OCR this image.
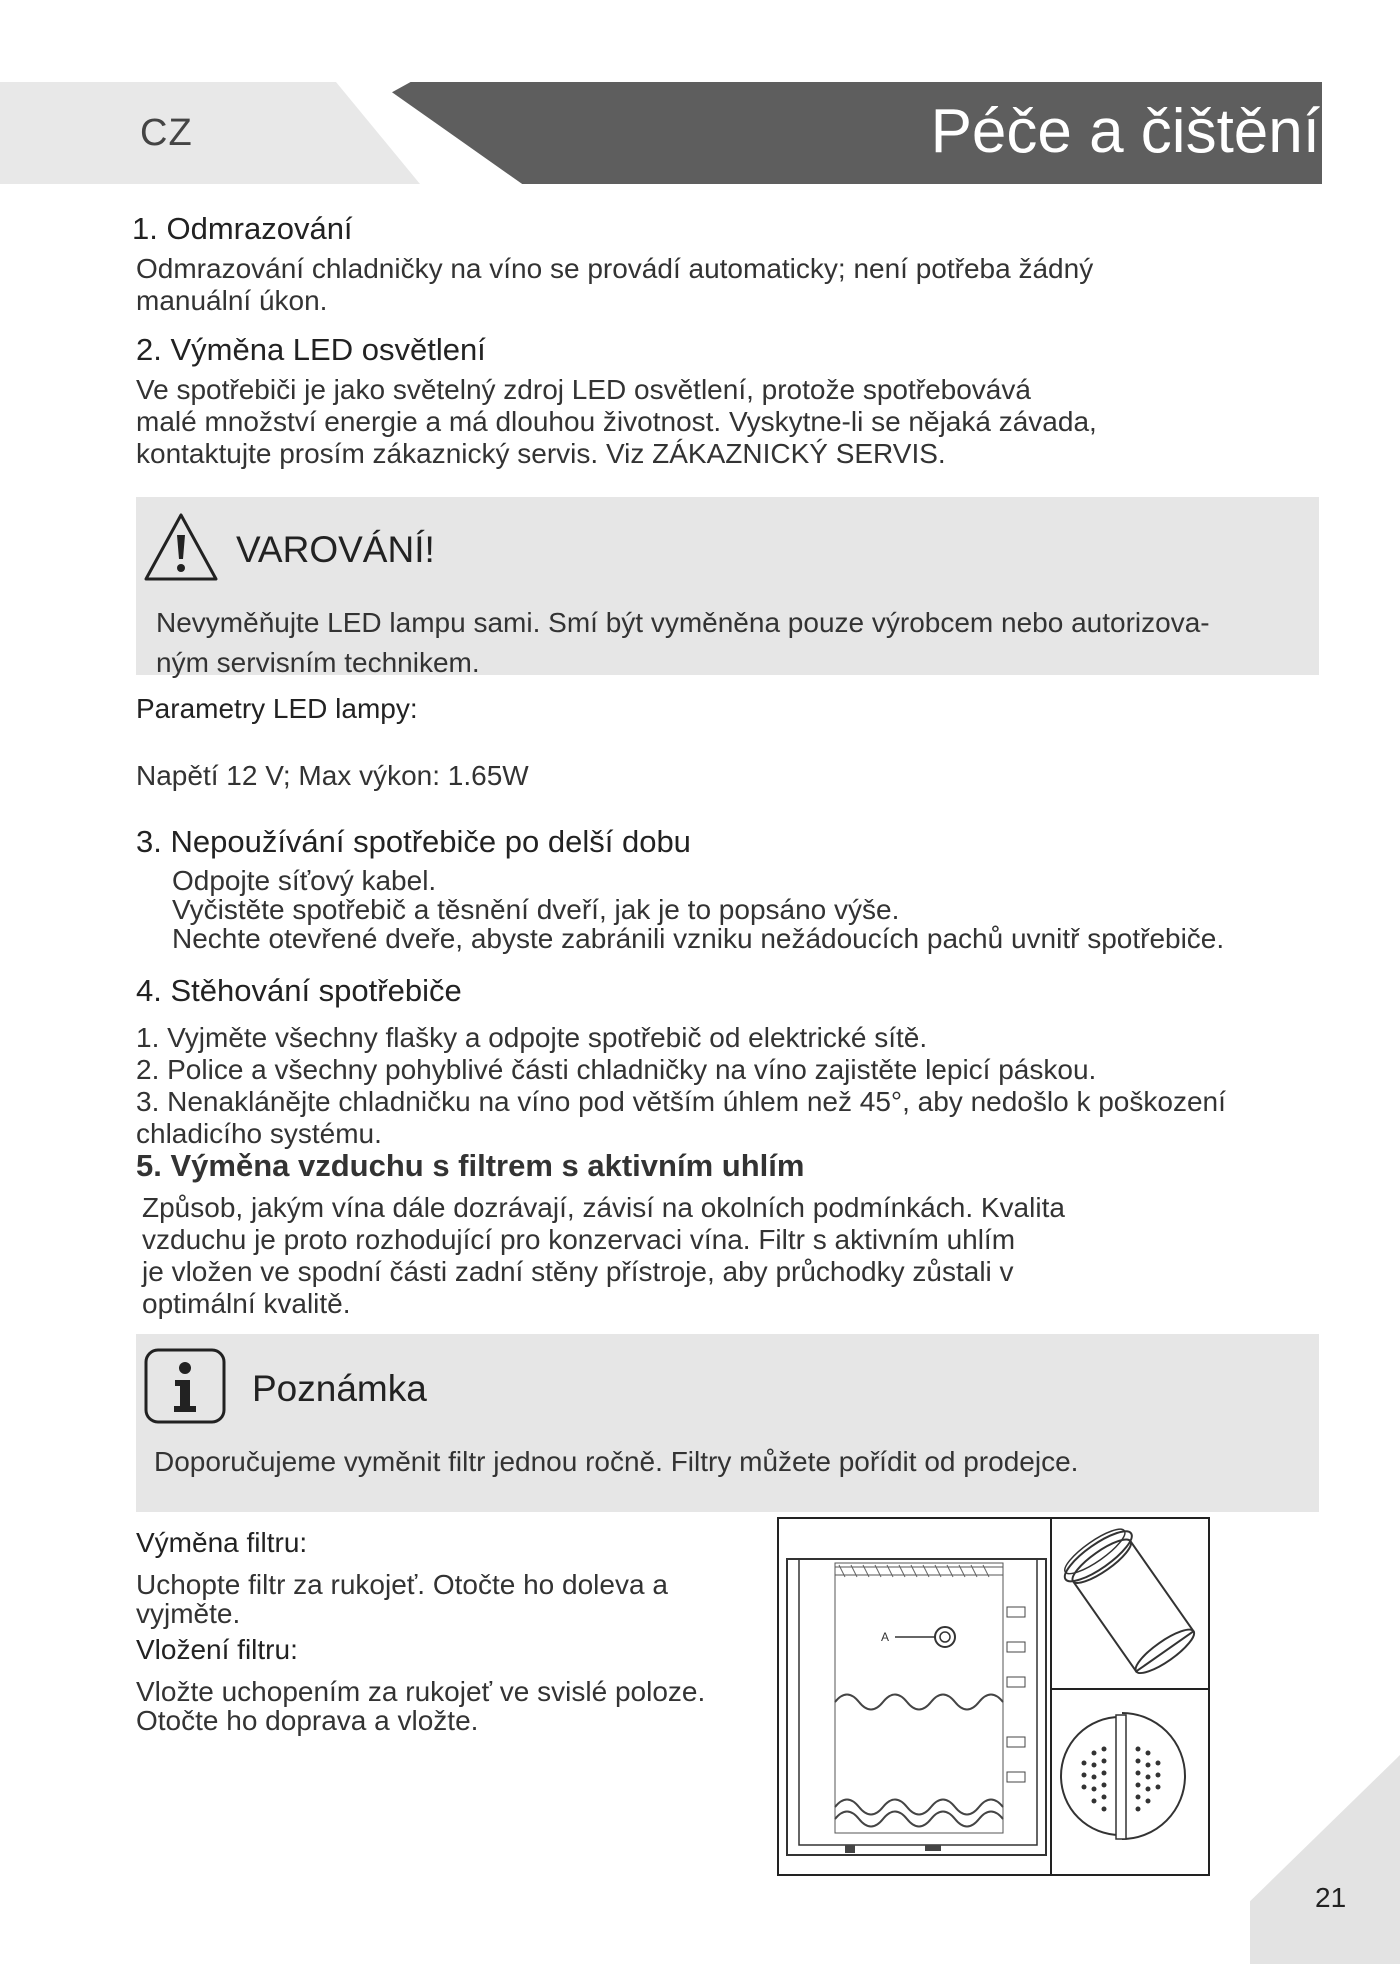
CZ	Péče a čištění
1. Odmrazování
Odmrazování chladničky na víno se provádí automaticky; není potřeba žádný
manuální úkon.
2. Výměna LED osvětlení
Ve spotřebiči je jako světelný zdroj LED osvětlení, protože spotřebovává
malé množství energie a má dlouhou životnost. Vyskytne-li se nějaká závada,
kontaktujte prosím zákaznický servis. Viz ZÁKAZNICKÝ SERVIS.
VAROVÁNÍ!
Nevyměňujte LED lampu sami. Smí být vyměněna pouze výrobcem nebo autorizova-
ným servisním technikem.
Parametry LED lampy:
Napětí 12 V; Max výkon: 1.65W
3. Nepoužívání spotřebiče po delší dobu
Odpojte síťový kabel.
Vyčistěte spotřebič a těsnění dveří, jak je to popsáno výše.
Nechte otevřené dveře, abyste zabránili vzniku nežádoucích pachů uvnitř spotřebiče.
4. Stěhování spotřebiče
1. Vyjměte všechny flašky a odpojte spotřebič od elektrické sítě.
2. Police a všechny pohyblivé části chladničky na víno zajistěte lepicí páskou.
3. Nenaklánějte chladničku na víno pod větším úhlem než 45°, aby nedošlo k poškození
chladicího systému.
5. Výměna vzduchu s filtrem s aktivním uhlím
Způsob, jakým vína dále dozrávají, závisí na okolních podmínkách. Kvalita
vzduchu je proto rozhodující pro konzervaci vína. Filtr s aktivním uhlím
je vložen ve spodní části zadní stěny přístroje, aby průchodky zůstali v
optimální kvalitě.
Poznámka
Doporučujeme vyměnit filtr jednou ročně. Filtry můžete pořídit od prodejce.
Výměna filtru:
Uchopte filtr za rukojeť. Otočte ho doleva a
vyjměte.
Vložení filtru:
Vložte uchopením za rukojeť ve svislé poloze.
Otočte ho doprava a vložte.
A
21
